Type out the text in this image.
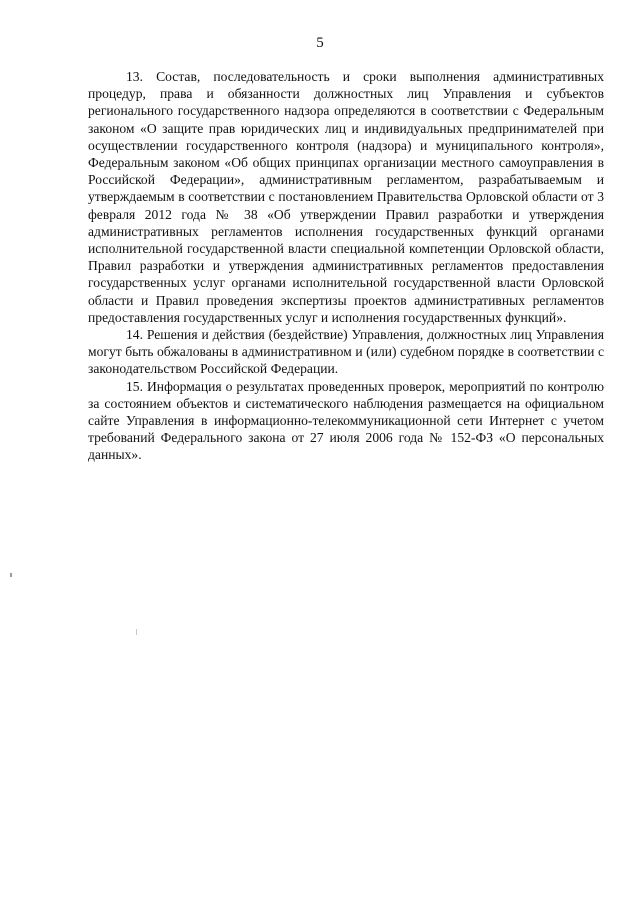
5

13. Состав, последовательность и сроки выполнения административных процедур, права и обязанности должностных лиц Управления и субъектов регионального государственного надзора определяются в соответствии с Федеральным законом «О защите прав юридических лиц и индивидуальных предпринимателей при осуществлении государственного контроля (надзора) и муниципального контроля», Федеральным законом «Об общих принципах организации местного самоуправления в Российской Федерации», административным регламентом, разрабатываемым и утверждаемым в соответствии с постановлением Правительства Орловской области от 3 февраля 2012 года № 38 «Об утверждении Правил разработки и утверждения административных регламентов исполнения государственных функций органами исполнительной государственной власти специальной компетенции Орловской области, Правил разработки и утверждения административных регламентов предоставления государственных услуг органами исполнительной государственной власти Орловской области и Правил проведения экспертизы проектов административных регламентов предоставления государственных услуг и исполнения государственных функций».

14. Решения и действия (бездействие) Управления, должностных лиц Управления могут быть обжалованы в административном и (или) судебном порядке в соответствии с законодательством Российской Федерации.

15. Информация о результатах проведенных проверок, мероприятий по контролю за состоянием объектов и систематического наблюдения размещается на официальном сайте Управления в информационно-телекоммуникационной сети Интернет с учетом требований Федерального закона от 27 июля 2006 года № 152-ФЗ «О персональных данных».
